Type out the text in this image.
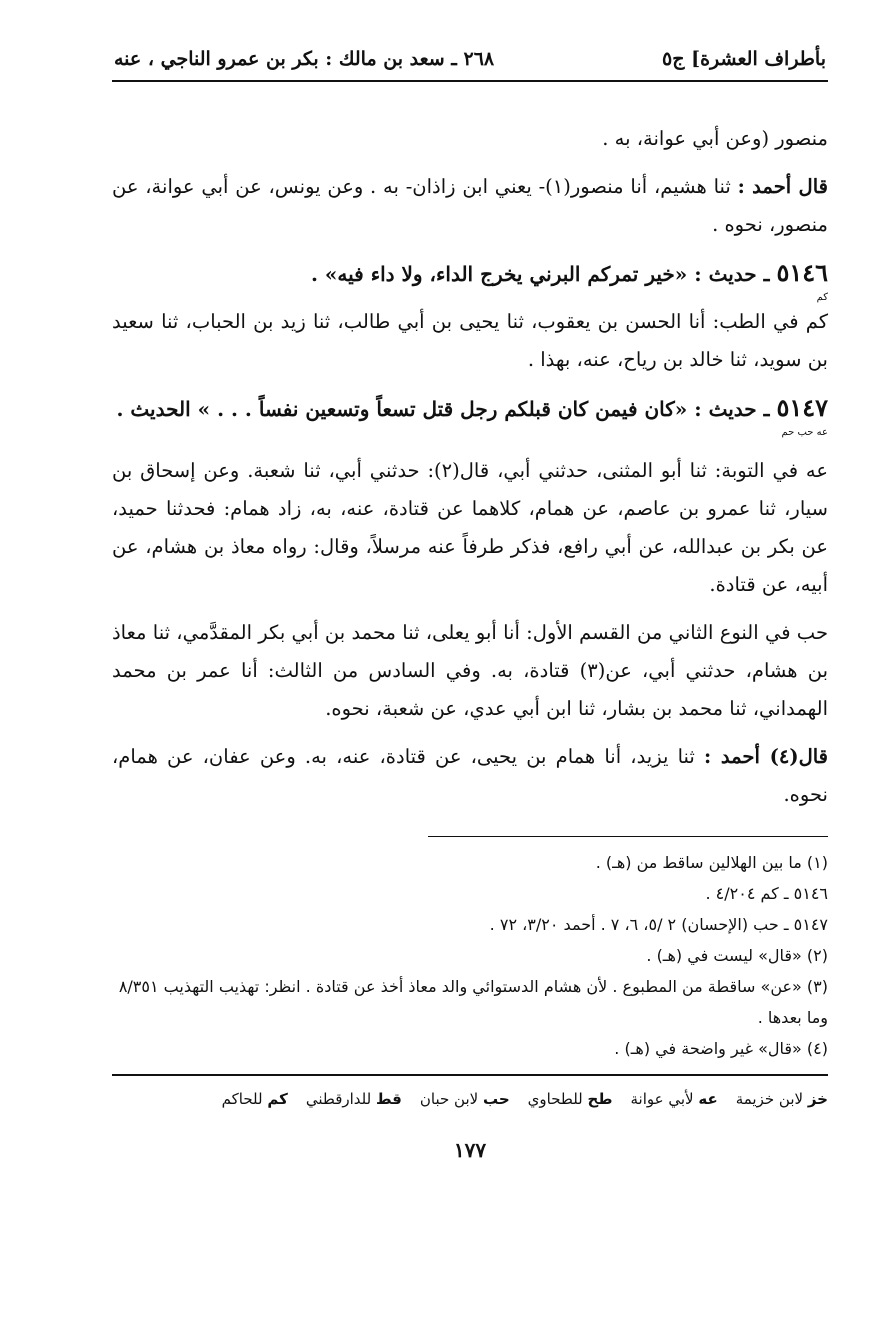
بأطراف العشرة] ج٥
٢٦٨ ـ سعد بن مالك : بكر بن عمرو الناجي ، عنه

منصور (وعن أبي عوانة، به .

قال أحمد : ثنا هشيم، أنا منصور(١)- يعني ابن زاذان- به . وعن يونس، عن أبي عوانة، عن منصور، نحوه .

٥١٤٦ ـ حديث : «خير تمركم البرني يخرج الداء، ولا داء فيه» .

كم

كم في الطب: أنا الحسن بن يعقوب، ثنا يحيى بن أبي طالب، ثنا زيد بن الحباب، ثنا سعيد بن سويد، ثنا خالد بن رياح، عنه، بهذا .

٥١٤٧ ـ حديث : «كان فيمن كان قبلكم رجل قتل تسعاً وتسعين نفساً . . . » الحديث .

عه حب حم

عه في التوبة: ثنا أبو المثنى، حدثني أبي، قال(٢): حدثني أبي، ثنا شعبة. وعن إسحاق بن سيار، ثنا عمرو بن عاصم، عن همام، كلاهما عن قتادة، عنه، به، زاد همام: فحدثنا حميد، عن بكر بن عبدالله، عن أبي رافع، فذكر طرفاً عنه مرسلاً، وقال: رواه معاذ بن هشام، عن أبيه، عن قتادة.

حب في النوع الثاني من القسم الأول: أنا أبو يعلى، ثنا محمد بن أبي بكر المقدَّمي، ثنا معاذ بن هشام، حدثني أبي، عن(٣) قتادة، به. وفي السادس من الثالث: أنا عمر بن محمد الهمداني، ثنا محمد بن بشار، ثنا ابن أبي عدي، عن شعبة، نحوه.

قال(٤) أحمد : ثنا يزيد، أنا همام بن يحيى، عن قتادة، عنه، به. وعن عفان، عن همام، نحوه.

(١) ما بين الهلالين ساقط من (هـ) .

٥١٤٦ ـ كم ٤/٢٠٤ .

٥١٤٧ ـ حب (الإحسان) ٢ /٥، ٦، ٧ . أحمد ٣/٢٠، ٧٢ .

(٢) «قال» ليست في (هـ) .

(٣) «عن» ساقطة من المطبوع . لأن هشام الدستوائي والد معاذ أخذ عن قتادة . انظر: تهذيب التهذيب ٨/٣٥١ وما بعدها .

(٤) «قال» غير واضحة في (هـ) .

خز لابن خزيمة
عه لأبي عوانة
طح للطحاوي
حب لابن حبان
قط للدارقطني
كم للحاكم
١٧٧
